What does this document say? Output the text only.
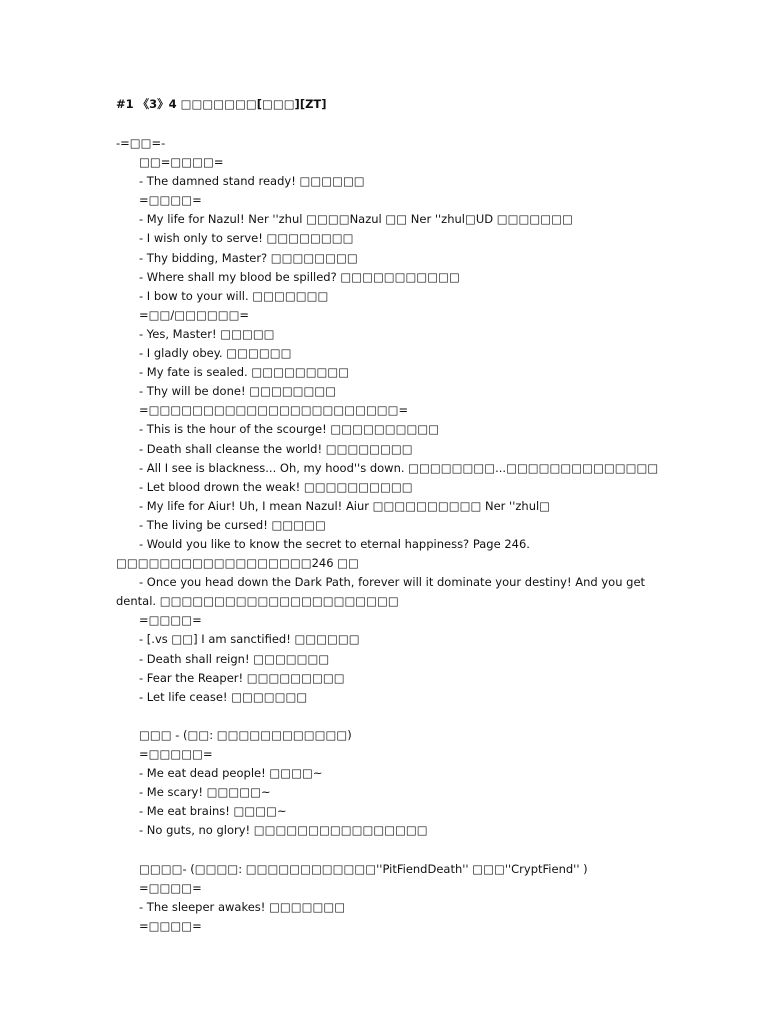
#1 《3》4 □□□□□□□[□□□][ZT]
-=□□=-
□□=□□□□=
- The damned stand ready! □□□□□□
=□□□□=
- My life for Nazul! Ner ''zhul □□□□Nazul □□ Ner ''zhul□UD □□□□□□□
- I wish only to serve! □□□□□□□□
- Thy bidding, Master? □□□□□□□□
- Where shall my blood be spilled? □□□□□□□□□□□
- I bow to your will. □□□□□□□
=□□/□□□□□□=
- Yes, Master! □□□□□
- I gladly obey. □□□□□□
- My fate is sealed. □□□□□□□□□
- Thy will be done! □□□□□□□□
=□□□□□□□□□□□□□□□□□□□□□□□=
- This is the hour of the scourge! □□□□□□□□□□
- Death shall cleanse the world! □□□□□□□□
- All I see is blackness... Oh, my hood''s down. □□□□□□□□...□□□□□□□□□□□□□□
- Let blood drown the weak! □□□□□□□□□□
- My life for Aiur! Uh, I mean Nazul! Aiur □□□□□□□□□□ Ner ''zhul□
- The living be cursed! □□□□□
- Would you like to know the secret to eternal happiness? Page 246. □□□□□□□□□□□□□□□□□□246 □□
- Once you head down the Dark Path, forever will it dominate your destiny! And you get dental. □□□□□□□□□□□□□□□□□□□□□□
=□□□□=
- [.vs □□] I am sanctified! □□□□□□
- Death shall reign! □□□□□□□
- Fear the Reaper! □□□□□□□□□
- Let life cease! □□□□□□□
□□□ - (□□: □□□□□□□□□□□□)
=□□□□□=
- Me eat dead people! □□□□~
- Me scary! □□□□□~
- Me eat brains! □□□□~
- No guts, no glory! □□□□□□□□□□□□□□□□
□□□□- (□□□□: □□□□□□□□□□□□''PitFiendDeath'' □□□''CryptFiend'' )
=□□□□=
- The sleeper awakes! □□□□□□□
=□□□□=
